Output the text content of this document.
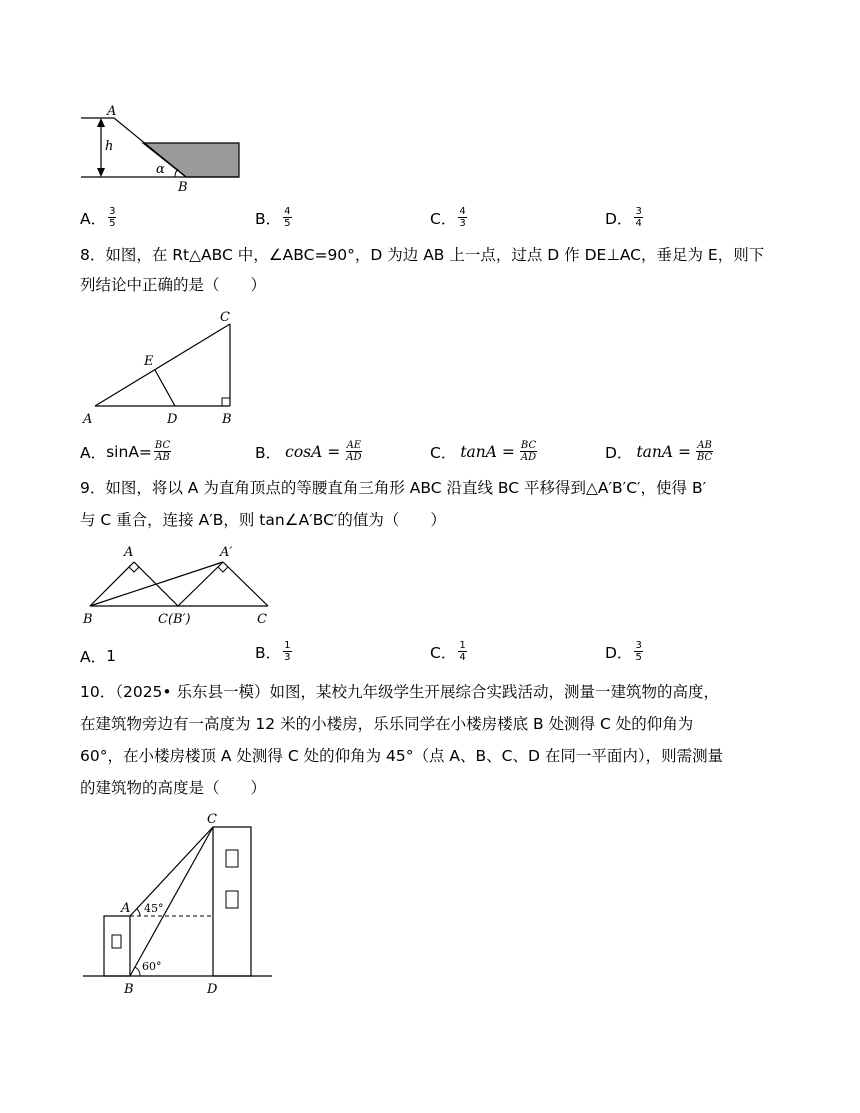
A
h
α
B
A． $\frac{3}{5}$	B． $\frac{4}{5}$	C． $\frac{4}{3}$	D． $\frac{3}{4}$
8．如图，在 Rt△ABC 中，∠ABC=90°，D 为边 AB 上一点，过点 D 作 DE⊥AC，垂足为 E，则下
列结论中正确的是（　　）
C
E
A	D	B
A． $\sin A= \frac{BC}{AB}$	B． $\cos A = \frac{AE}{AD}$	C． $\tan A = \frac{BC}{AD}$	D． $\tan A = \frac{AB}{BC}$
9．如图，将以 A 为直角顶点的等腰直角三角形 ABC 沿直线 BC 平移得到△A′B′C′，使得 B′
与 C 重合，连接 A′B，则 tan∠A′BC′的值为（　　）
A	A′
B	C(B′)	C
A． 1	B． $\frac{1}{3}$	C． $\frac{1}{4}$	D． $\frac{3}{5}$
10．（2025• 乐东县一模）如图，某校九年级学生开展综合实践活动，测量一建筑物的高度，
在建筑物旁边有一高度为 12 米的小楼房，乐乐同学在小楼房楼底 B 处测得 C 处的仰角为
60°，在小楼房楼顶 A 处测得 C 处的仰角为 45°（点 A、B、C、D 在同一平面内），则需测量
的建筑物的高度是（　　）
C
A 45°
60°
B	D
